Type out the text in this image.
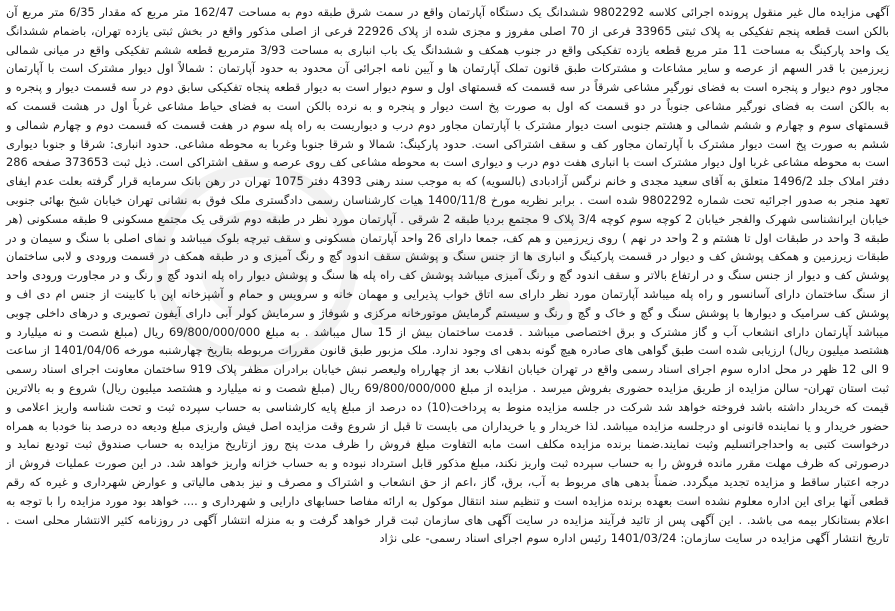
آگهی مزایده مال غیر منقول پرونده اجرائی کلاسه 9802292 ششدانگ یک دستگاه آپارتمان واقع در سمت شرق طبقه دوم به مساحت 162/47 متر مربع که مقدار 6/35 متر مربع آن بالکن است قطعه پنجم تفکیکی به پلاک ثبتی 33965 فرعی از 70 اصلی مفروز و مجزی شده از پلاک 22926 فرعی از اصلی مذکور واقع در بخش ثبتی یازده تهران، باضمام ششدانگ یک واحد پارکینگ به مساحت 11 متر مربع قطعه یازده تفکیکی واقع در جنوب همکف و ششدانگ یک باب انباری به مساحت 3/93 مترمربع قطعه ششم تفکیکی واقع در میانی شمالی زیرزمین با قدر السهم از عرصه و سایر مشاعات و مشترکات طبق قانون تملک آپارتمان ها و آیین نامه اجرائی آن محدود به حدود آپارتمان : شمالاً اول دیوار مشترک است با آپارتمان مجاور دوم دیوار و پنجره است به فضای نورگیر مشاعی شرقاً در سه قسمت که قسمتهای اول و سوم دیوار است به دیوار قطعه پنجاه تفکیکی سابق دوم در سه قسمت دیوار و پنجره و به بالکن است به فضای نورگیر مشاعی جنوباً در دو قسمت که اول به صورت پخ است دیوار و پنجره و به نرده بالکن است به فضای حیاط مشاعی غرباً اول در هشت قسمت که قسمتهای سوم و چهارم و ششم شمالی و هشتم جنوبی است دیوار مشترک با آپارتمان مجاور دوم درب و دیواریست به راه پله سوم در هفت قسمت که قسمت دوم و چهارم شمالی و ششم به صورت پخ است دیوار مشترک با آپارتمان مجاور کف و سقف اشتراکی است. حدود پارکینگ: شمالا و شرقا جنوبا وغربا به محوطه مشاعی. حدود انباری: شرقا و جنوبا دیواری است به محوطه مشاعی غربا اول دیوار مشترک است با انباری هفت دوم درب و دیواری است به محوطه مشاعی کف روی عرصه و سقف اشتراکی است. ذیل ثبت 373653 صفحه 286 دفتر املاک جلد 1496/2 متعلق به آقای سعید مجدی و خانم نرگس آزادبادی (بالسویه) که به موجب سند رهنی 4393 دفتر 1075 تهران در رهن بانک سرمایه قرار گرفته بعلت عدم ایفای تعهد منجر به صدور اجرائیه تحت شماره 9802292 شده است . برابر نظریه مورخ 1400/11/8 هیات کارشناسان رسمی دادگستری ملک فوق به نشانی تهران خیابان شیخ بهائی جنوبی خیابان ایرانشناسی شهرک والفجر خیابان 2 کوچه سوم کوچه 3/4 پلاک 9 مجتمع بردیا طبقه 2 شرقی . آپارتمان مورد نظر در طبقه دوم شرقی یک مجتمع مسکونی 9 طبقه مسکونی (هر طبقه 3 واحد در طبقات اول تا هشتم و 2 واحد در نهم ) روی زیرزمین و هم کف، جمعا دارای 26 واحد آپارتمان مسکونی و سقف تیرچه بلوک میباشد و نمای اصلی با سنگ و سیمان و در طبقات زیرزمین و همکف پوشش کف و دیوار در قسمت پارکینگ و انباری ها از جنس سنگ و پوشش سقف اندود گچ و رنگ آمیزی و در طبقه همکف در قسمت ورودی و لابی ساختمان پوشش کف و دیوار از جنس سنگ و در ارتفاع بالاتر و سقف اندود گچ و رنگ آمیزی میباشد پوشش کف راه پله ها سنگ و پوشش دیوار راه پله اندود گچ و رنگ و در مجاورت ورودی واحد از سنگ ساختمان دارای آسانسور و راه پله میباشد آپارتمان مورد نظر دارای سه اتاق خواب پذیرایی و مهمان خانه و سرویس و حمام و آشپزخانه اپن با کابینت از جنس ام دی اف و پوشش کف سرامیک و دیوارها با پوشش سنگ و گچ و خاک و گچ و رنگ و سیستم گرمایش موتورخانه مرکزی و شوفاژ و سرمایش کولر آبی دارای آیفون تصویری و درهای داخلی چوبی میباشد آپارتمان دارای انشعاب آب و گاز مشترک و برق اختصاصی میباشد . قدمت ساختمان بیش از 15 سال میباشد . به مبلغ 69/800/000/000 ریال (مبلغ شصت و نه میلیارد و هشتصد میلیون ریال) ارزیابی شده است طبق گواهی های صادره هیچ گونه بدهی ای وجود ندارد. ملک مزبور طبق قانون مقررات مربوطه بتاریخ چهارشنبه مورخه 1401/04/06 از ساعت 9 الی 12 ظهر در محل اداره سوم اجرای اسناد رسمی واقع در تهران خیابان انقلاب بعد از چهارراه ولیعصر نبش خیابان برادران مظفر پلاک 919 ساختمان معاونت اجرای اسناد رسمی ثبت استان تهران- سالن مزایده از طریق مزایده حضوری بفروش میرسد . مزایده از مبلغ 69/800/000/000 ریال (مبلغ شصت و نه میلیارد و هشتصد میلیون ریال) شروع و به بالاترین قیمت که خریدار داشته باشد فروخته خواهد شد شرکت در جلسه مزایده منوط به پرداخت(10) ده درصد از مبلغ پایه کارشناسی به حساب سپرده ثبت و تحت شناسه واریز اعلامی و حضور خریدار و یا نماینده قانونی او درجلسه مزایده میباشد. لذا خریدار و یا خریداران می بایست تا قبل از شروع وقت مزایده اصل فیش واریزی مبلغ ودیعه ده درصد بنا خودبا به همراه درخواست کتبی به واحداجراتسلیم وثبت نمایند.ضمنا برنده مزایده مکلف است مابه التفاوت مبلغ فروش را ظرف مدت پنج روز ازتاریخ مزایده به حساب صندوق ثبت تودیع نماید و درصورتی که ظرف مهلت مقرر مانده فروش را به حساب سپرده ثبت واریز نکند، مبلغ مذکور قابل استرداد نبوده و به حساب خزانه واریز خواهد شد. در این صورت عملیات فروش از درجه اعتبار ساقط و مزایده تجدید میگردد. ضمناً بدهی های مربوط به آب، برق، گاز ،اعم از حق انشعاب و اشتراک و مصرف و نیز بدهی مالیاتی و عوارض شهرداری و غیره که رقم قطعی آنها برای این اداره معلوم نشده است بعهده برنده مزایده است و تنظیم سند انتقال موکول به ارائه مفاصا حسابهای دارایی و شهرداری و .... خواهد بود مورد مزایده را با توجه به اعلام بستانکار بیمه می باشد. . این آگهی پس از تائید فرآیند مزایده در سایت آگهی های سازمان ثبت قرار خواهد گرفت و به منزله انتشار آگهی در روزنامه کثیر الانتشار محلی است . تاریخ انتشار آگهی مزایده در سایت سازمان: 1401/03/24 رئیس اداره سوم اجرای اسناد رسمی- علی نژاد
